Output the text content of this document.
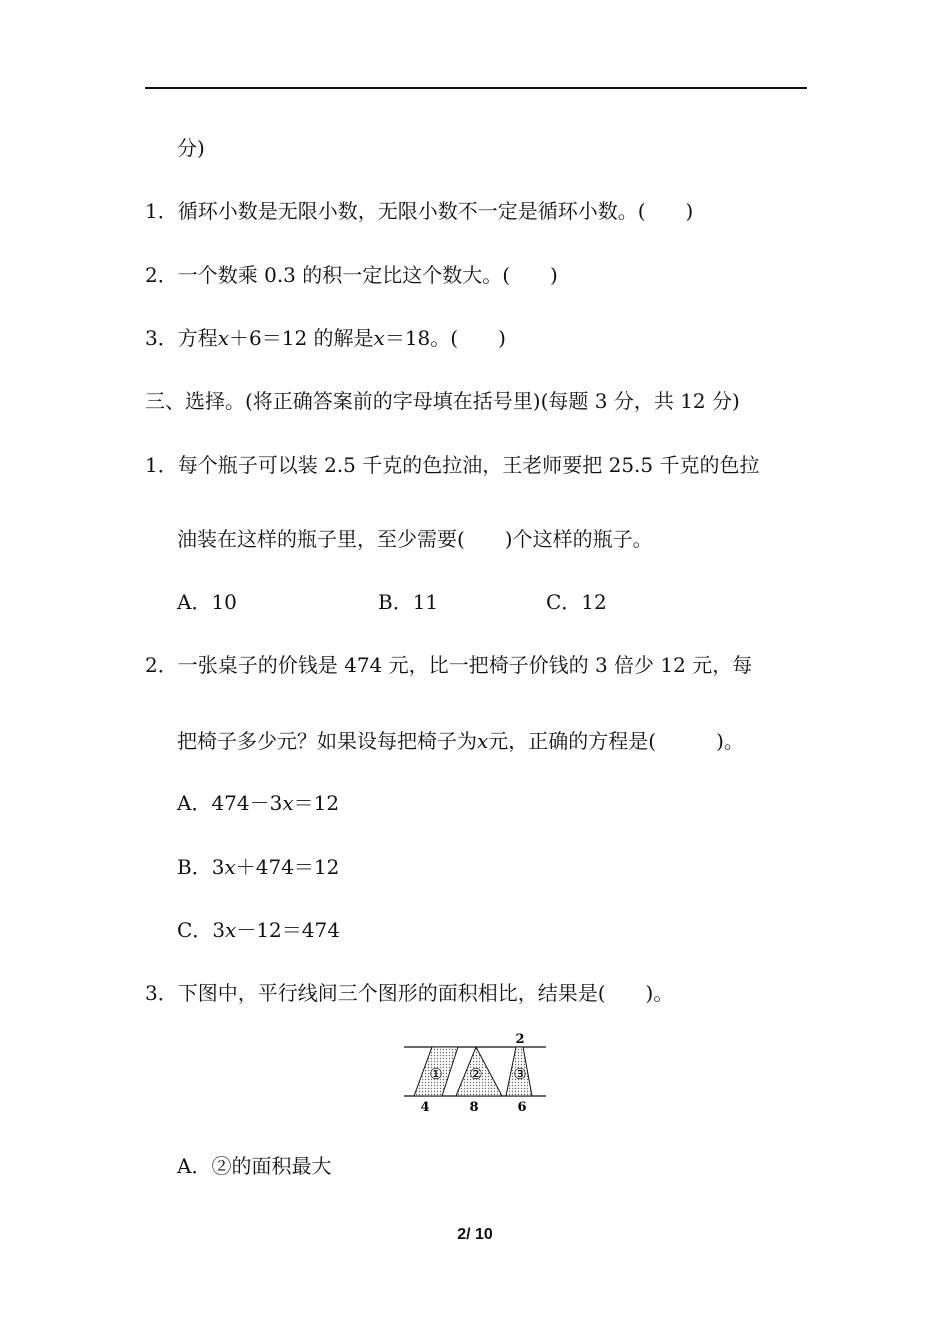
分)
1．循环小数是无限小数，无限小数不一定是循环小数。(　　)
2．一个数乘 0.3 的积一定比这个数大。(　　)
3．方程x＋6＝12 的解是x＝18。(　　)
三、选择。(将正确答案前的字母填在括号里)(每题 3 分，共 12 分)
1．每个瓶子可以装 2.5 千克的色拉油，王老师要把 25.5 千克的色拉
油装在这样的瓶子里，至少需要(　　)个这样的瓶子。
A．10	B．11	C．12
2．一张桌子的价钱是 474 元，比一把椅子价钱的 3 倍少 12 元，每
把椅子多少元？如果设每把椅子为x元，正确的方程是(　　　)。
A．474－3x＝12
B．3x＋474＝12
C．3x－12＝474
3．下图中，平行线间三个图形的面积相比，结果是(　　)。
① ② ③
2
4	8	6
A．②的面积最大
2/ 10
